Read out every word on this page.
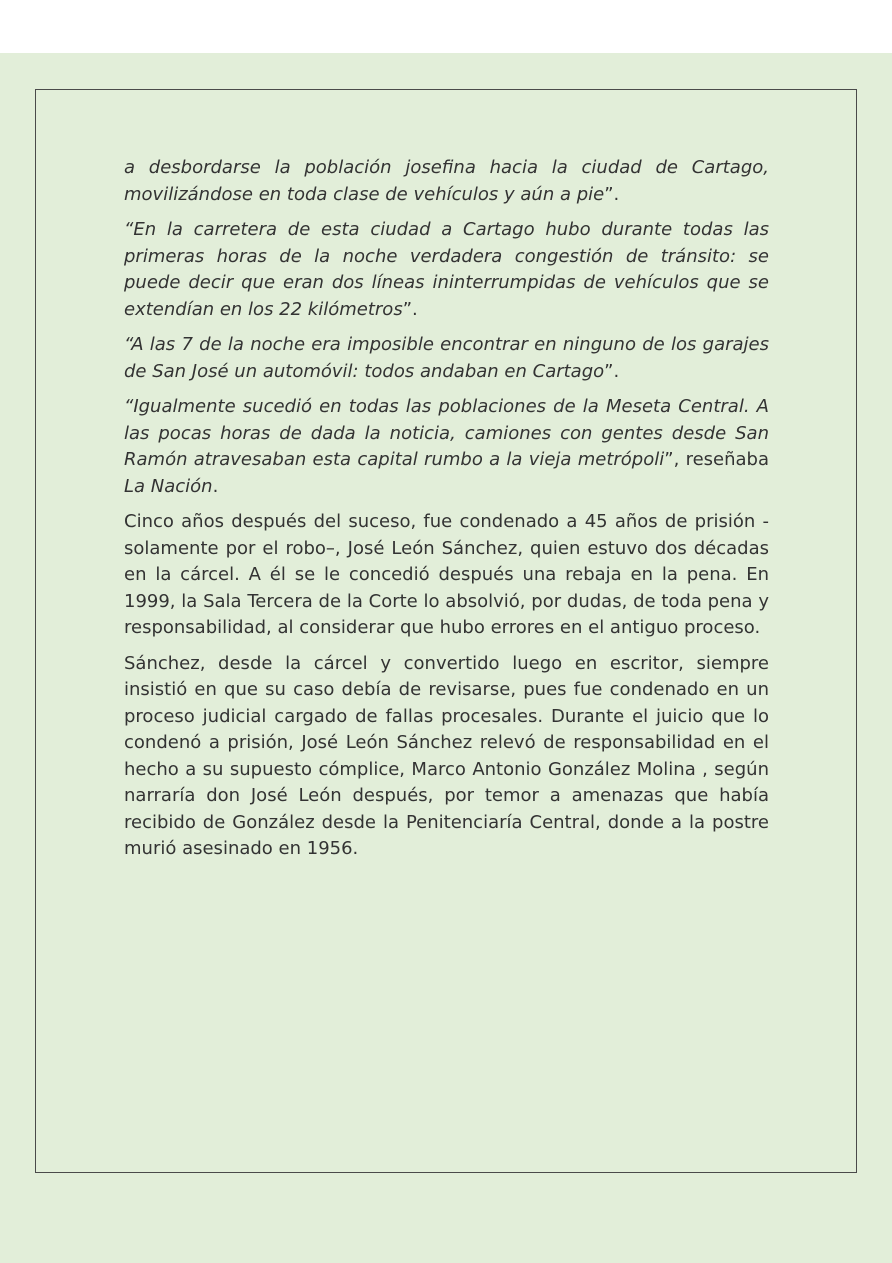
a desbordarse la población josefina hacia la ciudad de Cartago, movilizándose en toda clase de vehículos y aún a pie”.

“En la carretera de esta ciudad a Cartago hubo durante todas las primeras horas de la noche verdadera congestión de tránsito: se puede decir que eran dos líneas ininterrumpidas de vehículos que se extendían en los 22 kilómetros”.

“A las 7 de la noche era imposible encontrar en ninguno de los garajes de San José un automóvil: todos andaban en Cartago”.

“Igualmente sucedió en todas las poblaciones de la Meseta Central. A las pocas horas de dada la noticia, camiones con gentes desde San Ramón atravesaban esta capital rumbo a la vieja metrópoli”, reseñaba La Nación.

Cinco años después del suceso, fue condenado a 45 años de prisión -solamente por el robo–, José León Sánchez, quien estuvo dos décadas en la cárcel. A él se le concedió después una rebaja en la pena. En 1999, la Sala Tercera de la Corte lo absolvió, por dudas, de toda pena y responsabilidad, al considerar que hubo errores en el antiguo proceso.

Sánchez, desde la cárcel y convertido luego en escritor, siempre insistió en que su caso debía de revisarse, pues fue condenado en un proceso judicial cargado de fallas procesales. Durante el juicio que lo condenó a prisión, José León Sánchez relevó de responsabilidad en el hecho a su supuesto cómplice, Marco Antonio González Molina , según narraría don José León después, por temor a amenazas que había recibido de González desde la Penitenciaría Central, donde a la postre murió asesinado en 1956.
